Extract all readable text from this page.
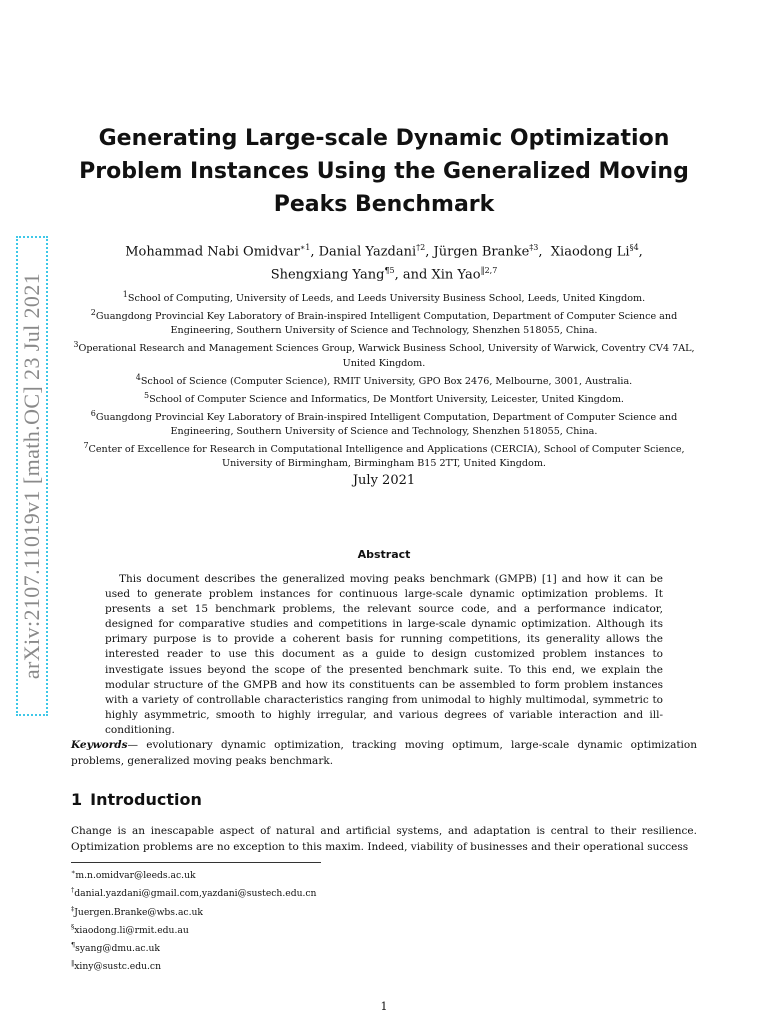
arXiv:2107.11019v1 [math.OC] 23 Jul 2021
Generating Large-scale Dynamic Optimization Problem Instances Using the Generalized Moving Peaks Benchmark
Mohammad Nabi Omidvar$^{∗1}$, Danial Yazdani$^{\dagger 2}$, Jürgen Branke$^{\ddagger 3}$,  Xiaodong Li$^{\S 4}$,
Shengxiang Yang$^{\P 5}$, and Xin Yao$^{‖2,7}$
$^1$School of Computing, University of Leeds, and Leeds University Business School, Leeds, United Kingdom.
$^2$Guangdong Provincial Key Laboratory of Brain-inspired Intelligent Computation, Department of Computer Science and Engineering, Southern University of Science and Technology, Shenzhen 518055, China.
$^3$Operational Research and Management Sciences Group, Warwick Business School, University of Warwick, Coventry CV4 7AL, United Kingdom.
$^4$School of Science (Computer Science), RMIT University, GPO Box 2476, Melbourne, 3001, Australia.
$^5$School of Computer Science and Informatics, De Montfort University, Leicester, United Kingdom.
$^6$Guangdong Provincial Key Laboratory of Brain-inspired Intelligent Computation, Department of Computer Science and Engineering, Southern University of Science and Technology, Shenzhen 518055, China.
$^7$Center of Excellence for Research in Computational Intelligence and Applications (CERCIA), School of Computer Science, University of Birmingham, Birmingham B15 2TT, United Kingdom.
July 2021
Abstract
This document describes the generalized moving peaks benchmark (GMPB) [1] and how it can be used to generate problem instances for continuous large-scale dynamic optimization problems. It presents a set 15 benchmark problems, the relevant source code, and a performance indicator, designed for comparative studies and competitions in large-scale dynamic optimization. Although its primary purpose is to provide a coherent basis for running competitions, its generality allows the interested reader to use this document as a guide to design customized problem instances to investigate issues beyond the scope of the presented benchmark suite. To this end, we explain the modular structure of the GMPB and how its constituents can be assembled to form problem instances with a variety of controllable characteristics ranging from unimodal to highly multimodal, symmetric to highly asymmetric, smooth to highly irregular, and various degrees of variable interaction and ill-conditioning.
Keywords— evolutionary dynamic optimization, tracking moving optimum, large-scale dynamic optimization problems, generalized moving peaks benchmark.
1 Introduction
Change is an inescapable aspect of natural and artificial systems, and adaptation is central to their resilience. Optimization problems are no exception to this maxim. Indeed, viability of businesses and their operational success
∗m.n.omidvar@leeds.ac.uk
†danial.yazdani@gmail.com,yazdani@sustech.edu.cn
‡Juergen.Branke@wbs.ac.uk
§xiaodong.li@rmit.edu.au
¶syang@dmu.ac.uk
‖xiny@sustc.edu.cn
1
